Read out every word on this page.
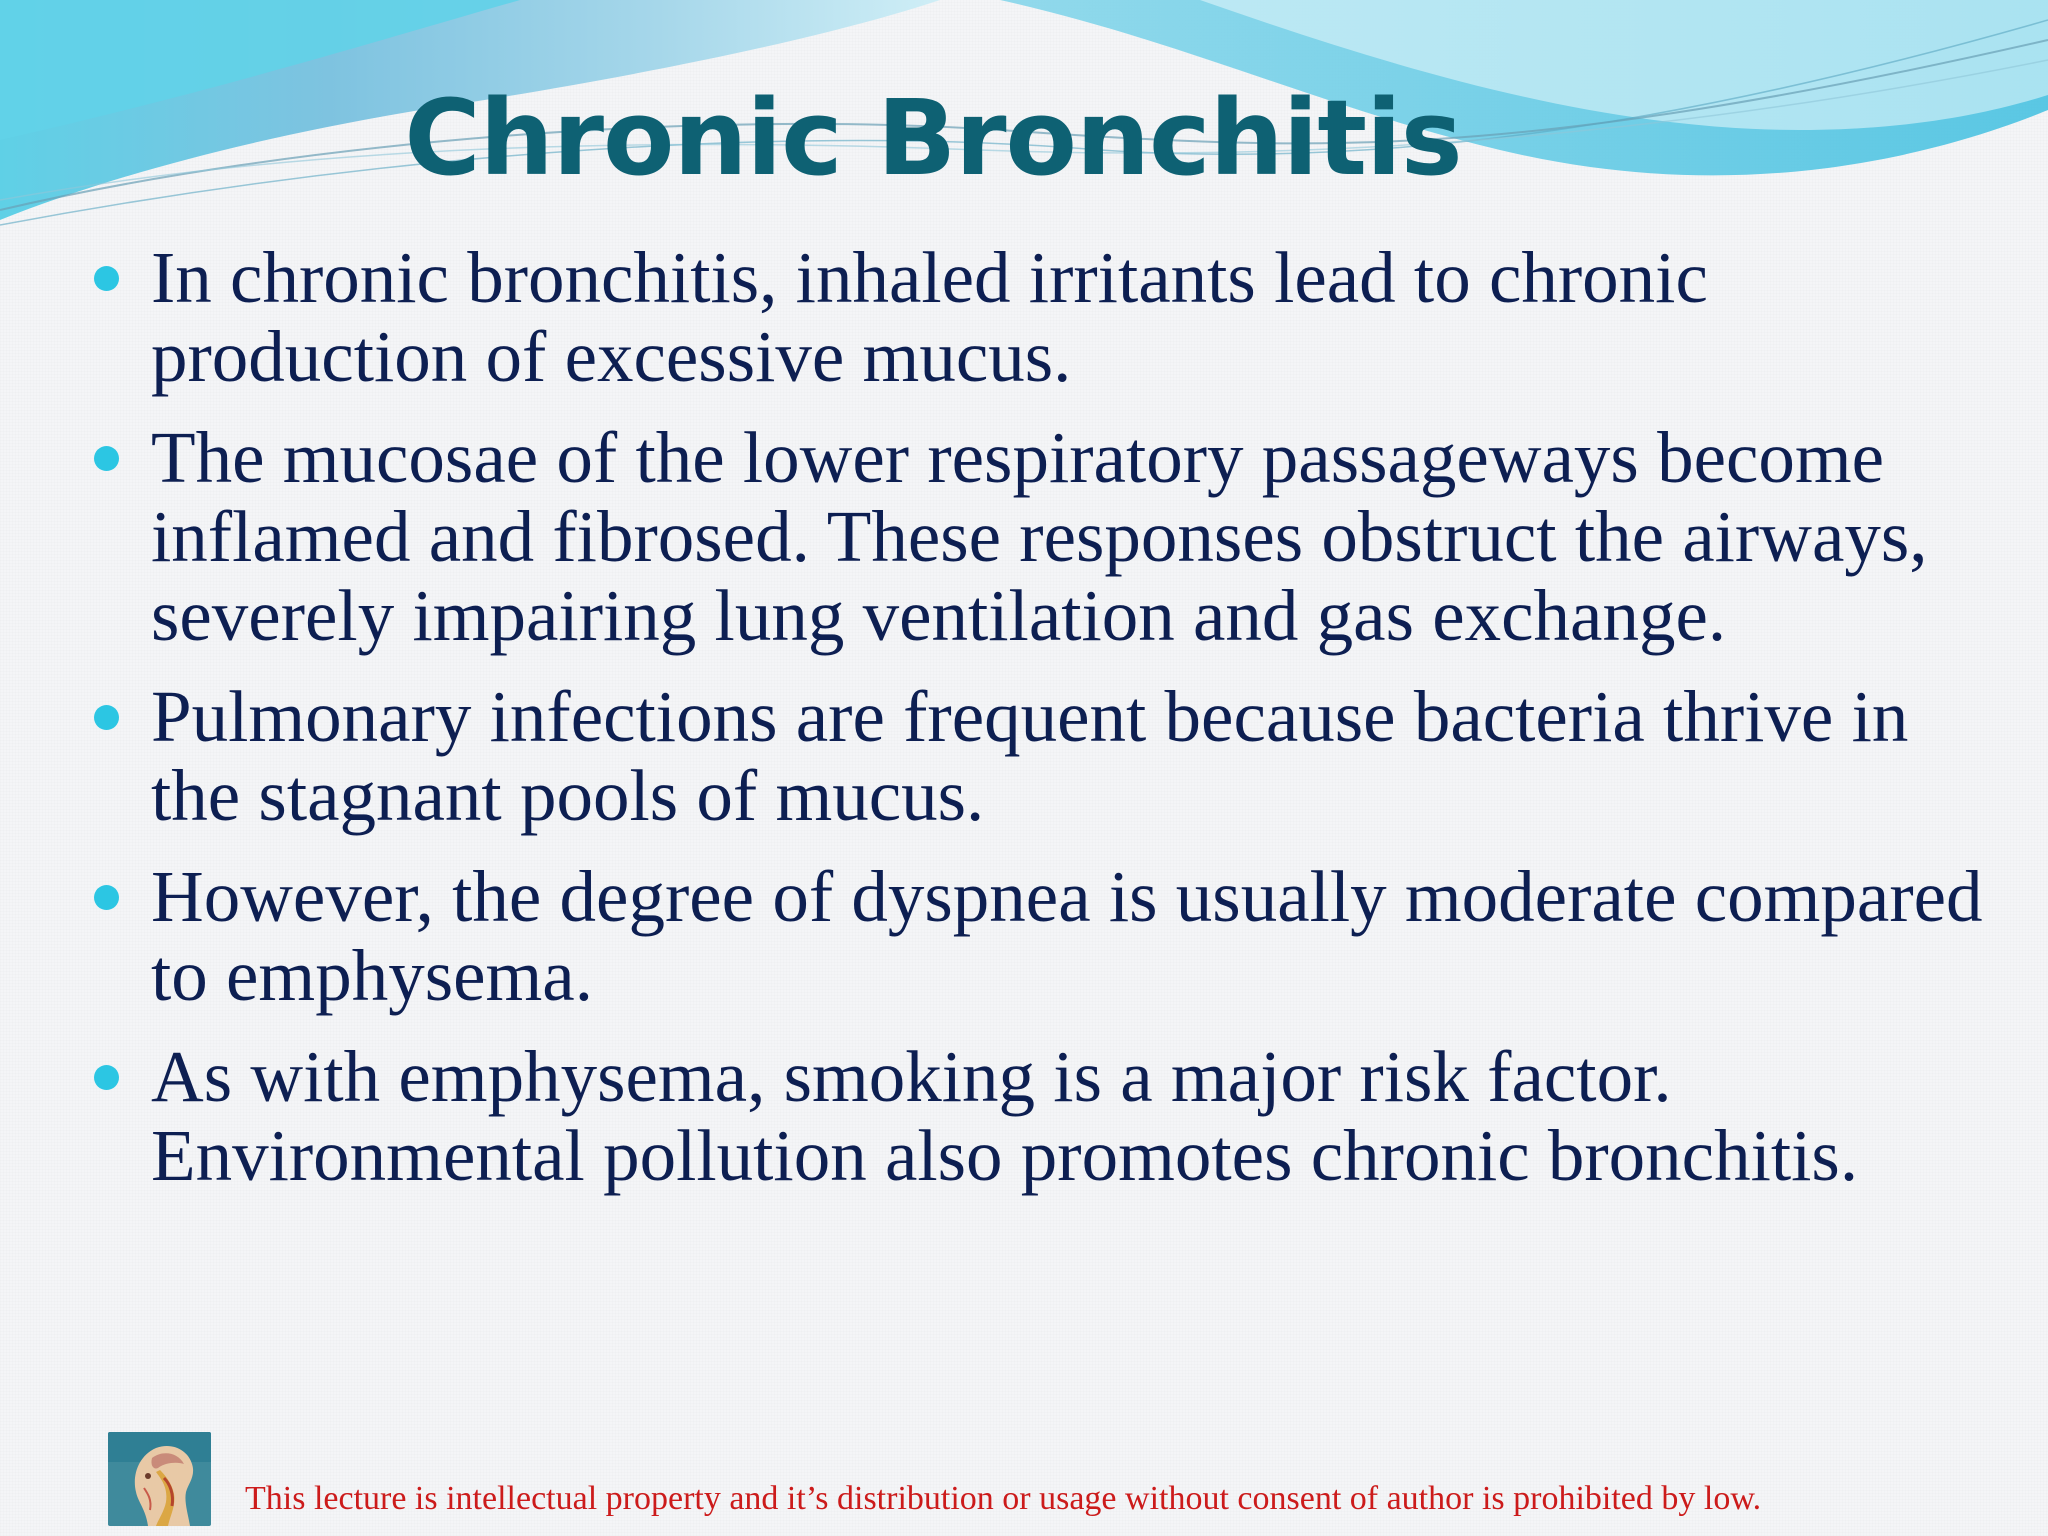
Chronic Bronchitis
In chronic bronchitis, inhaled irritants lead to chronic production of excessive mucus.
The mucosae of the lower respiratory passageways become inflamed and fibrosed. These responses obstruct the airways, severely impairing lung ventilation and gas exchange.
Pulmonary infections are frequent because bacteria thrive in the stagnant pools of mucus.
However, the degree of dyspnea is usually moderate compared to emphysema.
As with emphysema, smoking is a major risk factor. Environmental pollution also promotes chronic bronchitis.
This lecture is intellectual property and it’s distribution or usage without consent of author is prohibited by low.
